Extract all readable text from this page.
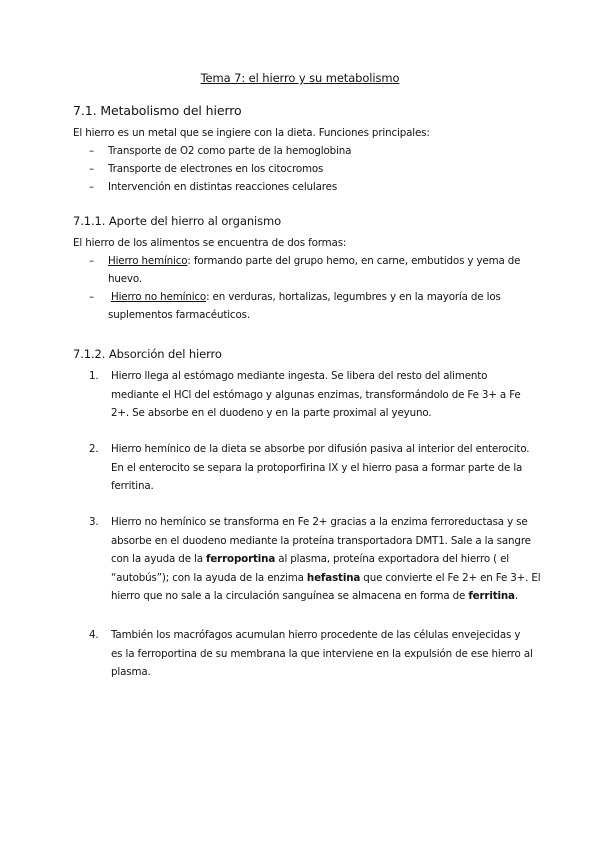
Tema 7: el hierro y su metabolismo
7.1. Metabolismo del hierro
El hierro es un metal que se ingiere con la dieta. Funciones principales:
– Transporte de O2 como parte de la hemoglobina
– Transporte de electrones en los citocromos
– Intervención en distintas reacciones celulares
7.1.1. Aporte del hierro al organismo
El hierro de los alimentos se encuentra de dos formas:
– Hierro hemínico: formando parte del grupo hemo, en carne, embutidos y yema de
huevo.
– Hierro no hemínico: en verduras, hortalizas, legumbres y en la mayoría de los
suplementos farmacéuticos.
7.1.2. Absorción del hierro
1. Hierro llega al estómago mediante ingesta. Se libera del resto del alimento
mediante el HCl del estómago y algunas enzimas, transformándolo de Fe 3+ a Fe
2+. Se absorbe en el duodeno y en la parte proximal al yeyuno.
2. Hierro hemínico de la dieta se absorbe por difusión pasiva al interior del enterocito.
En el enterocito se separa la protoporfirina IX y el hierro pasa a formar parte de la
ferritina.
3. Hierro no hemínico se transforma en Fe 2+ gracias a la enzima ferroreductasa y se
absorbe en el duodeno mediante la proteína transportadora DMT1. Sale a la sangre
con la ayuda de la ferroportina al plasma, proteína exportadora del hierro ( el
“autobús”); con la ayuda de la enzima hefastina que convierte el Fe 2+ en Fe 3+. El
hierro que no sale a la circulación sanguínea se almacena en forma de ferritina.
4. También los macrófagos acumulan hierro procedente de las células envejecidas y
es la ferroportina de su membrana la que interviene en la expulsión de ese hierro al
plasma.
